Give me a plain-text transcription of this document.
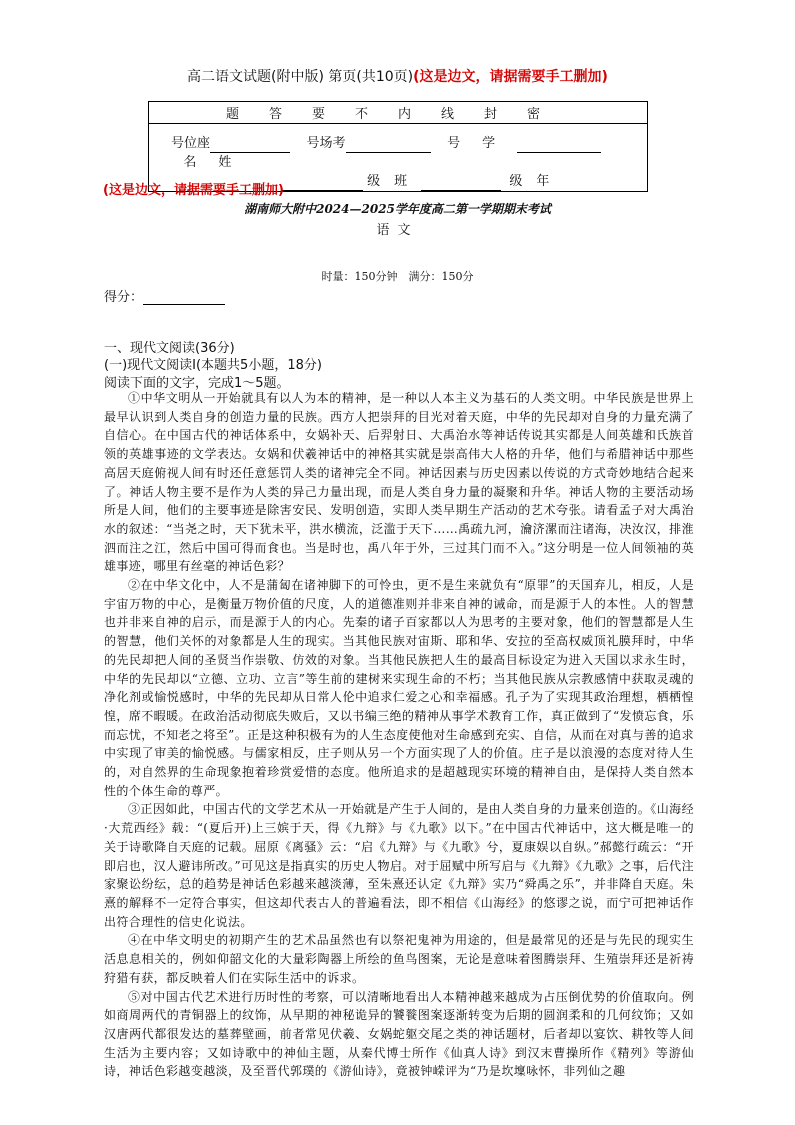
高二语文试题(附中版) 第页(共10页)(这是边文，请据需要手工删加)
题答要不内线封密
号位座	号场考	号学   名姓
级班	级年
(这是边文，请据需要手工删加)
湖南师大附中2024—2025学年度高二第一学期期末考试
语文
时量：150分钟　满分：150分
得分：
一、现代文阅读(36分)
(一)现代文阅读Ⅰ(本题共5小题，18分)
阅读下面的文字，完成1～5题。

①中华文明从一开始就具有以人为本的精神，是一种以人本主义为基石的人类文明。中华民族是世界上最早认识到人类自身的创造力量的民族。西方人把崇拜的目光对着天庭，中华的先民却对自身的力量充满了自信心。在中国古代的神话体系中，女娲补天、后羿射日、大禹治水等神话传说其实都是人间英雄和氏族首领的英雄事迹的文学表达。女娲和伏羲神话中的神格其实就是崇高伟大人格的升华，他们与希腊神话中那些高居天庭俯视人间有时还任意惩罚人类的诸神完全不同。神话因素与历史因素以传说的方式奇妙地结合起来了。神话人物主要不是作为人类的异己力量出现，而是人类自身力量的凝聚和升华。神话人物的主要活动场所是人间，他们的主要事迹是除害安民、发明创造，实即人类早期生产活动的艺术夸张。请看孟子对大禹治水的叙述：“当尧之时，天下犹未平，洪水横流，泛滥于天下……禹疏九河，瀹济漯而注诸海，决汝汉，排淮泗而注之江，然后中国可得而食也。当是时也，禹八年于外，三过其门而不入。”这分明是一位人间领袖的英雄事迹，哪里有丝毫的神话色彩？

②在中华文化中，人不是蒲匐在诸神脚下的可怜虫，更不是生来就负有“原罪”的天国弃儿，相反，人是宇宙万物的中心，是衡量万物价值的尺度，人的道德准则并非来自神的诫命，而是源于人的本性。人的智慧也并非来自神的启示，而是源于人的内心。先秦的诸子百家都以人为思考的主要对象，他们的智慧都是人生的智慧，他们关怀的对象都是人生的现实。当其他民族对宙斯、耶和华、安拉的至高权威顶礼膜拜时，中华的先民却把人间的圣贤当作崇敬、仿效的对象。当其他民族把人生的最高目标设定为进入天国以求永生时，中华的先民却以“立德、立功、立言”等生前的建树来实现生命的不朽；当其他民族从宗教感情中获取灵魂的净化剂或愉悦感时，中华的先民却从日常人伦中追求仁爱之心和幸福感。孔子为了实现其政治理想，栖栖惶惶，席不暇暖。在政治活动彻底失败后，又以书编三绝的精神从事学术教育工作，真正做到了“发愤忘食，乐而忘忧，不知老之将至”。正是这种积极有为的人生态度使他对生命感到充实、自信，从而在对真与善的追求中实现了审美的愉悦感。与儒家相反，庄子则从另一个方面实现了人的价值。庄子是以浪漫的态度对待人生的，对自然界的生命现象抱着珍赏爱惜的态度。他所追求的是超越现实环境的精神自由，是保持人类自然本性的个体生命的尊严。

③正因如此，中国古代的文学艺术从一开始就是产生于人间的，是由人类自身的力量来创造的。《山海经·大荒西经》载：“(夏后开)上三嫔于天，得《九辩》与《九歌》以下。”在中国古代神话中，这大概是唯一的关于诗歌降自天庭的记载。屈原《离骚》云：“启《九辩》与《九歌》兮，夏康娱以自纵。”郝懿行疏云：“开即启也，汉人避讳所改。”可见这是指真实的历史人物启。对于屈赋中所写启与《九辩》《九歌》之事，后代注家聚讼纷纭，总的趋势是神话色彩越来越淡薄，至朱熹还认定《九辩》实乃“舜禹之乐”，并非降自天庭。朱熹的解释不一定符合事实，但这却代表古人的普遍看法，即不相信《山海经》的悠谬之说，而宁可把神话作出符合理性的信史化说法。

④在中华文明史的初期产生的艺术品虽然也有以祭祀鬼神为用途的，但是最常见的还是与先民的现实生活息息相关的，例如仰韶文化的大量彩陶器上所绘的鱼鸟图案，无论是意味着图腾崇拜、生殖崇拜还是祈祷狩猎有获，都反映着人们在实际生活中的诉求。

⑤对中国古代艺术进行历时性的考察，可以清晰地看出人本精神越来越成为占压倒优势的价值取向。例如商周两代的青铜器上的纹饰，从早期的神秘诡异的饕餮图案逐渐转变为后期的圆润柔和的几何纹饰；又如汉唐两代都很发达的墓葬壁画，前者常见伏羲、女娲蛇躯交尾之类的神话题材，后者却以宴饮、耕牧等人间生活为主要内容；又如诗歌中的神仙主题，从秦代博士所作《仙真人诗》到汉末曹操所作《精列》等游仙诗，神话色彩越变越淡，及至晋代郭璞的《游仙诗》，竟被钟嵘评为“乃是坎壈咏怀，非列仙之趣
